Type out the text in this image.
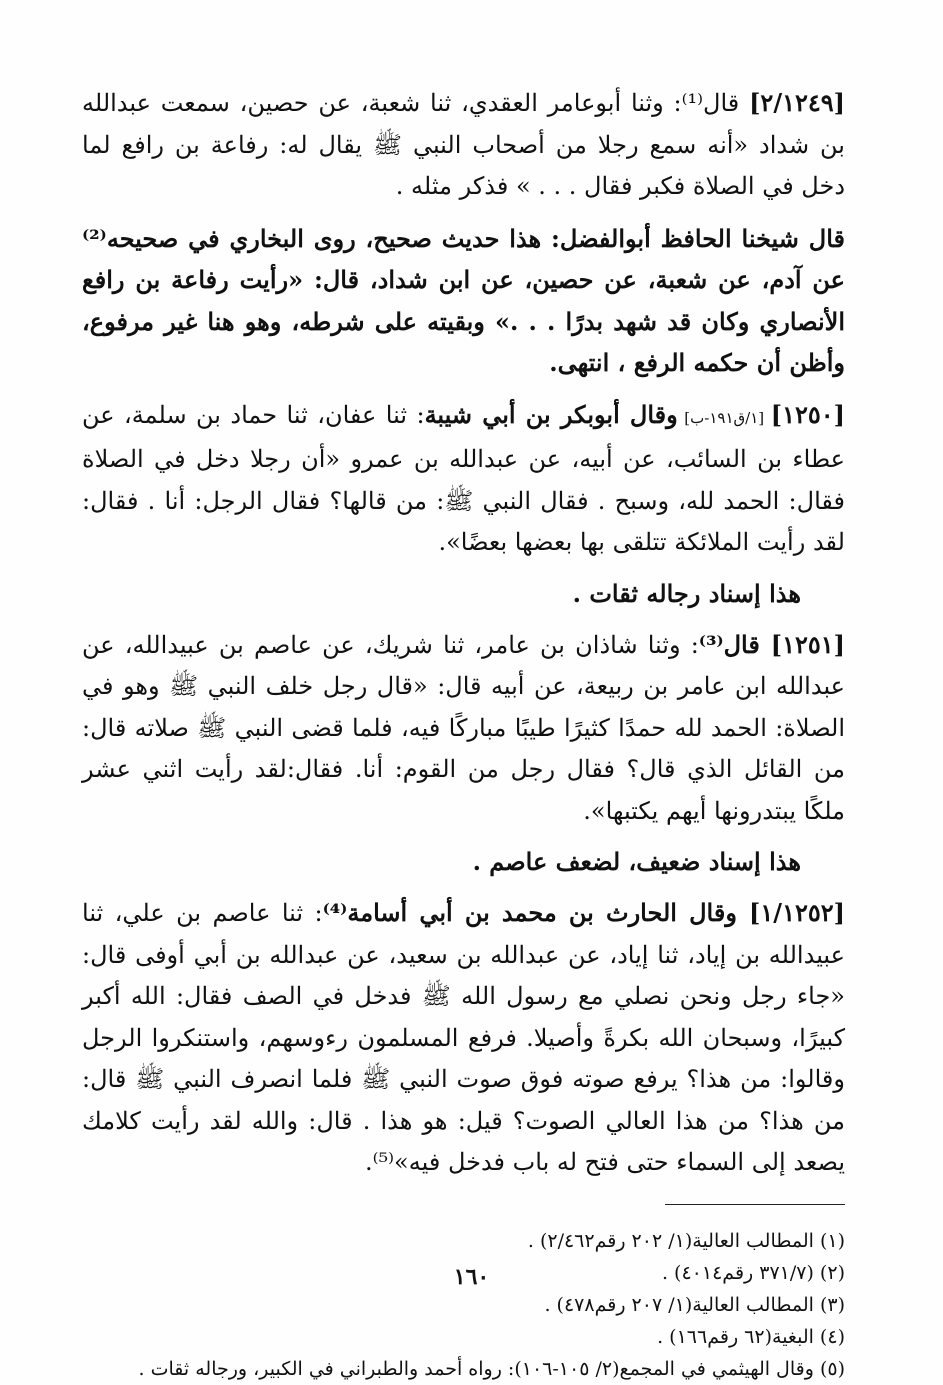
[٢/١٢٤٩] قال⁽¹⁾: وثنا أبوعامر العقدي، ثنا شعبة، عن حصين، سمعت عبدالله بن شداد «أنه سمع رجلا من أصحاب النبي ﷺ يقال له: رفاعة بن رافع لما دخل في الصلاة فكبر فقال . . . » فذكر مثله .

قال شيخنا الحافظ أبوالفضل: هذا حديث صحيح، روى البخاري في صحيحه⁽²⁾ عن آدم، عن شعبة، عن حصين، عن ابن شداد، قال: «رأيت رفاعة بن رافع الأنصاري وكان قد شهد بدرًا . . .» وبقيته على شرطه، وهو هنا غير مرفوع، وأظن أن حكمه الرفع ، انتهى.

[١٢٥٠] [١/ق١٩١-ب] وقال أبوبكر بن أبي شيبة: ثنا عفان، ثنا حماد بن سلمة، عن عطاء بن السائب، عن أبيه، عن عبدالله بن عمرو «أن رجلا دخل في الصلاة فقال: الحمد لله، وسبح . فقال النبي ﷺ: من قالها؟ فقال الرجل: أنا . فقال: لقد رأيت الملائكة تتلقى بها بعضها بعضًا».

هذا إسناد رجاله ثقات .

[١٢٥١] قال⁽³⁾: وثنا شاذان بن عامر، ثنا شريك، عن عاصم بن عبيدالله، عن عبدالله ابن عامر بن ربيعة، عن أبيه قال: «قال رجل خلف النبي ﷺ وهو في الصلاة: الحمد لله حمدًا كثيرًا طيبًا مباركًا فيه، فلما قضى النبي ﷺ صلاته قال: من القائل الذي قال؟ فقال رجل من القوم: أنا. فقال:لقد رأيت اثني عشر ملكًا يبتدرونها أيهم يكتبها».

هذا إسناد ضعيف، لضعف عاصم .

[١/١٢٥٢] وقال الحارث بن محمد بن أبي أسامة⁽⁴⁾: ثنا عاصم بن علي، ثنا عبيدالله بن إياد، ثنا إياد، عن عبدالله بن سعيد، عن عبدالله بن أبي أوفى قال: «جاء رجل ونحن نصلي مع رسول الله ﷺ فدخل في الصف فقال: الله أكبر كبيرًا، وسبحان الله بكرةً وأصيلا. فرفع المسلمون رءوسهم، واستنكروا الرجل وقالوا: من هذا؟ يرفع صوته فوق صوت النبي ﷺ فلما انصرف النبي ﷺ قال: من هذا؟ من هذا العالي الصوت؟ قيل: هو هذا . قال: والله لقد رأيت كلامك يصعد إلى السماء حتى فتح له باب فدخل فيه»⁽⁵⁾.

(١) المطالب العالية(١/ ٢٠٢ رقم٢/٤٦٢) .
(٢) (٣٧١/٧ رقم٤٠١٤) .
(٣) المطالب العالية(١/ ٢٠٧ رقم٤٧٨) .
(٤) البغية(٦٢ رقم١٦٦) .
(٥) وقال الهيثمي في المجمع(٢/ ١٠٥-١٠٦): رواه أحمد والطبراني في الكبير، ورجاله ثقات .
١٦٠
